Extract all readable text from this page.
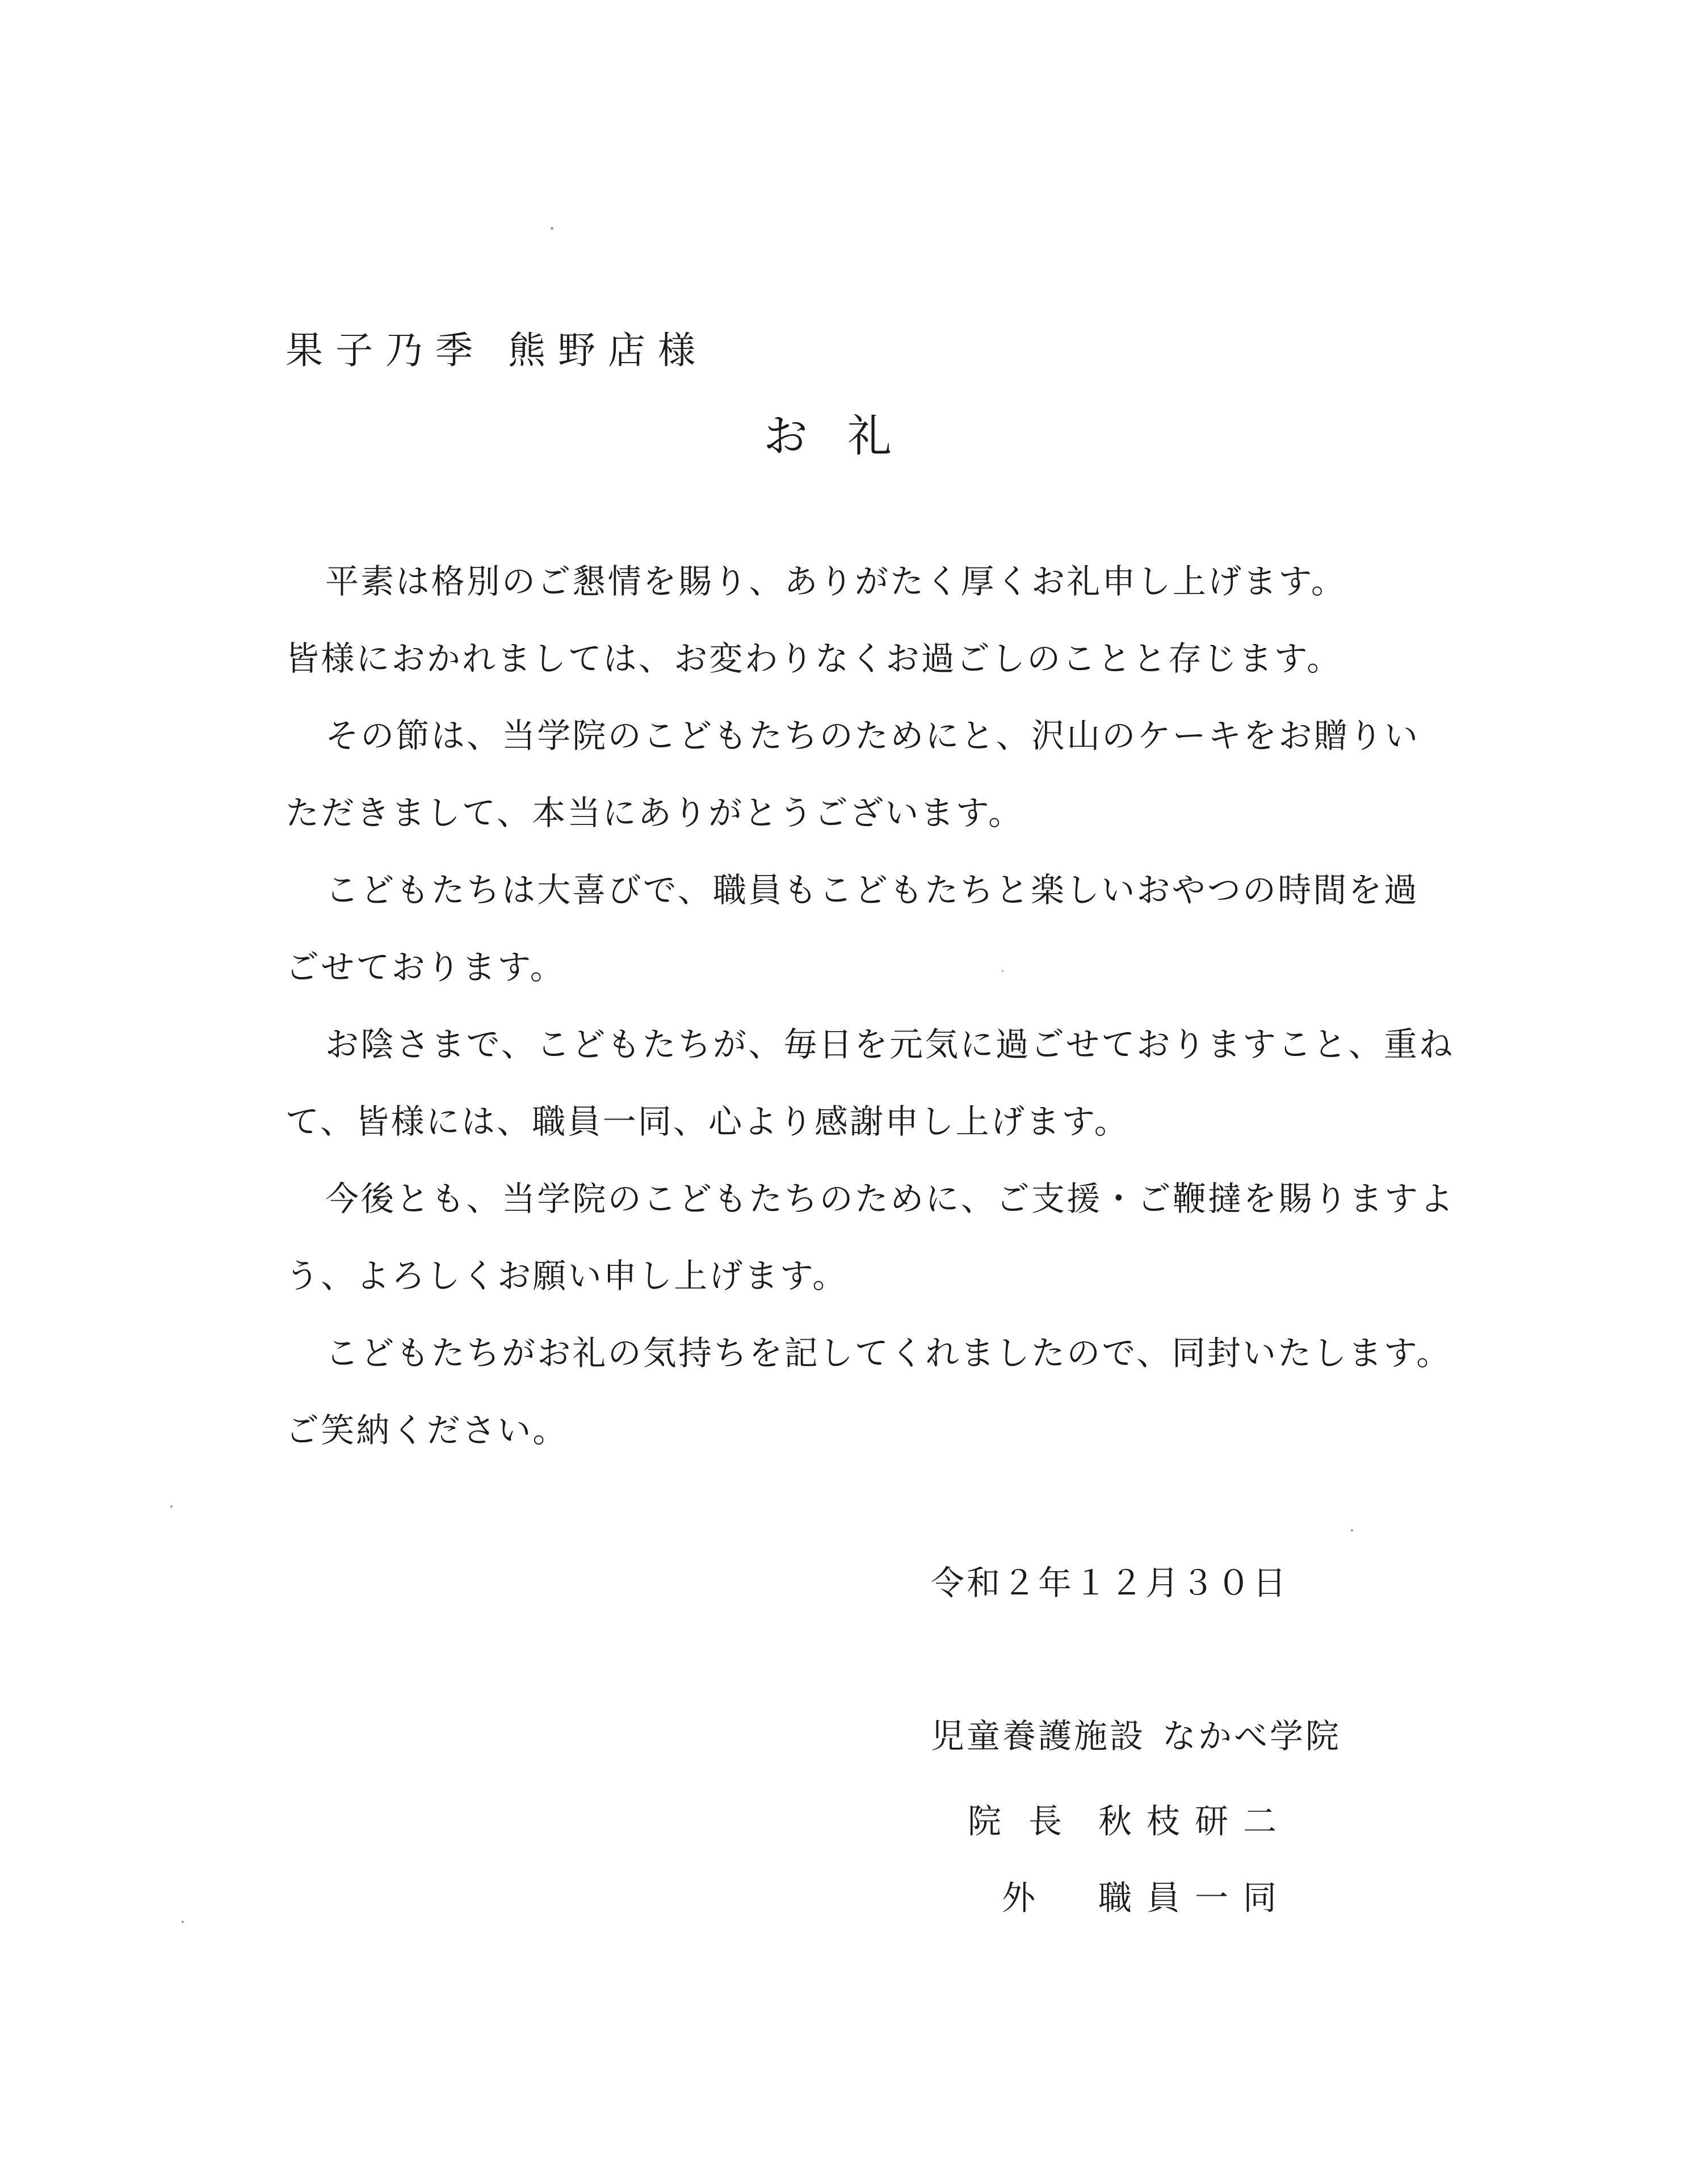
果子乃季 熊野店様
お礼
平素は格別のご懇情を賜り、ありがたく厚くお礼申し上げます。
皆様におかれましては、お変わりなくお過ごしのことと存じます。
その節は、当学院のこどもたちのためにと、沢山のケーキをお贈りい
ただきまして、本当にありがとうございます。
こどもたちは大喜びで、職員もこどもたちと楽しいおやつの時間を過
ごせております。
お陰さまで、こどもたちが、毎日を元気に過ごせておりますこと、重ね
て、皆様には、職員一同、心より感謝申し上げます。
今後とも、当学院のこどもたちのために、ご支援・ご鞭撻を賜りますよ
う、よろしくお願い申し上げます。
こどもたちがお礼の気持ちを記してくれましたので、同封いたします。
ご笑納ください。
令和２年１２月３０日
児童養護施設 なかべ学院
院長 秋枝研二
外 職員一同
